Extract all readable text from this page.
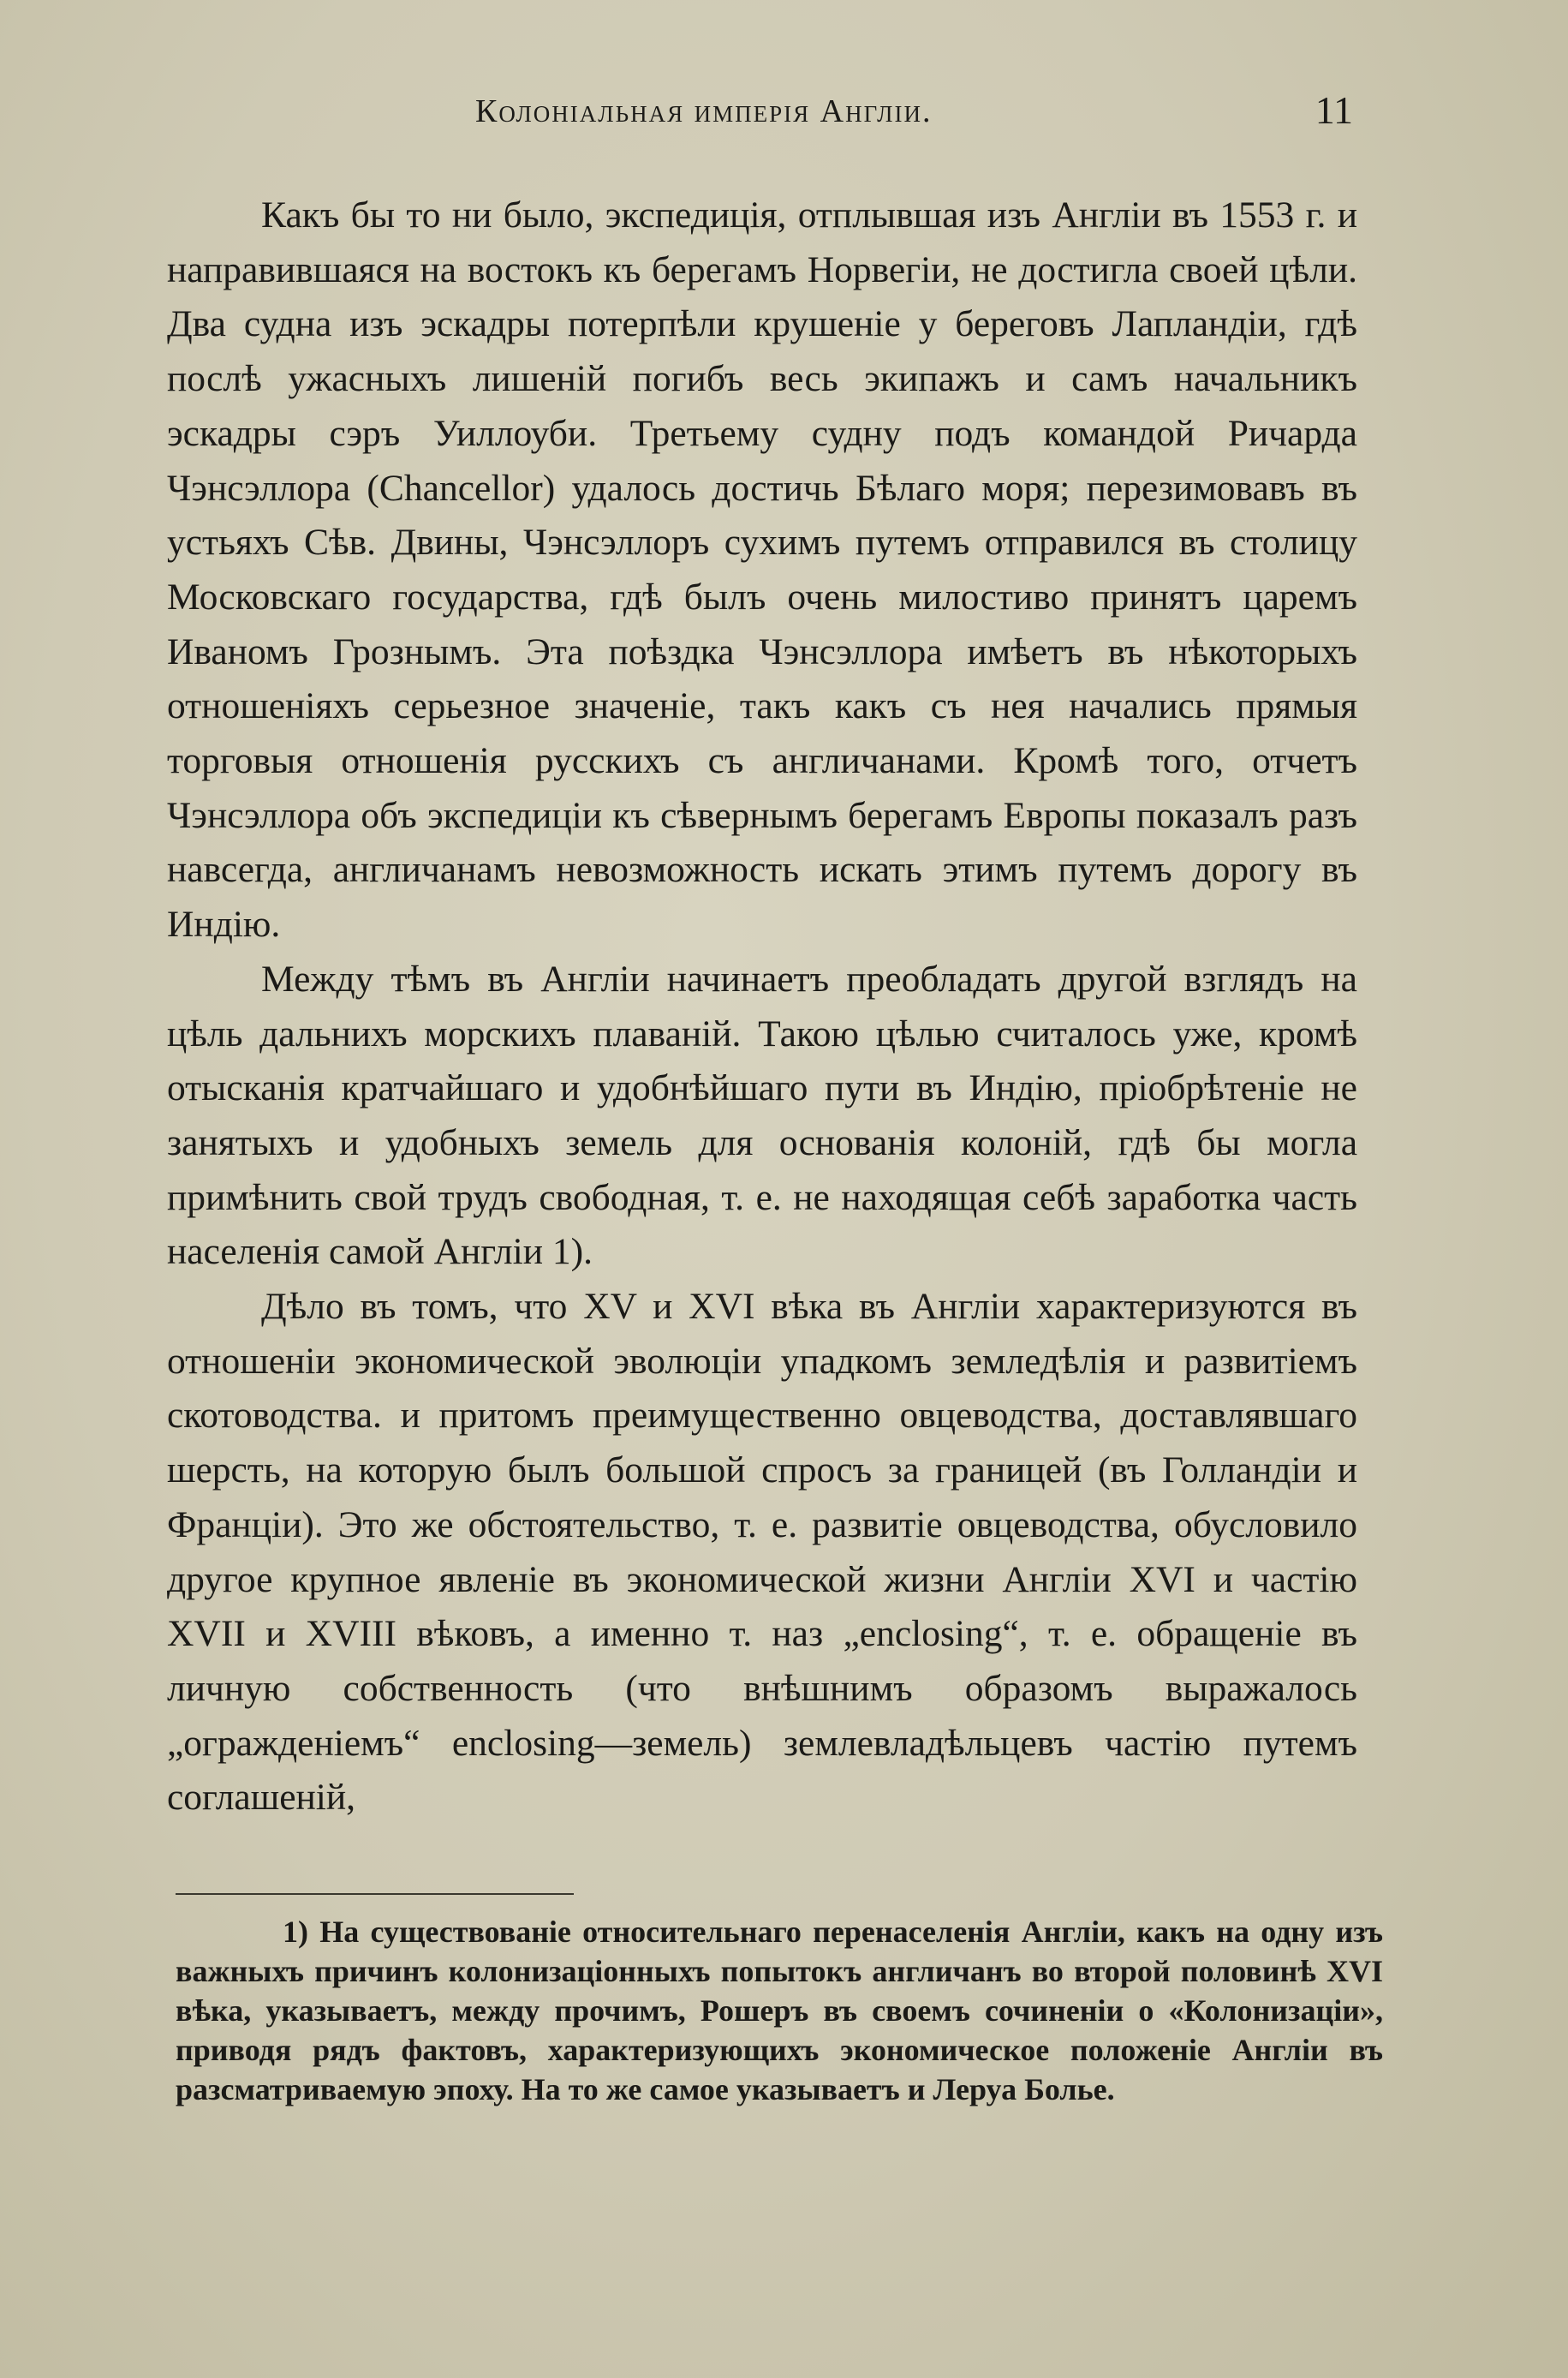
Колоніальная имперія Англіи.	11

Какъ бы то ни было, экспедиція, отплывшая изъ Англіи въ 1553 г. и направившаяся на востокъ къ берегамъ Норвегіи, не достигла своей цѣли. Два судна изъ эскадры потерпѣли крушеніе у береговъ Лапландіи, гдѣ послѣ ужасныхъ лишеній погибъ весь экипажъ и самъ начальникъ эскадры сэръ Уиллоуби. Третьему судну подъ командой Ричарда Чэнсэллора (Chancellor) удалось достичь Бѣлаго моря; перезимовавъ въ устьяхъ Сѣв. Двины, Чэнсэллоръ сухимъ путемъ отправился въ столицу Московскаго государства, гдѣ былъ очень милостиво принятъ царемъ Иваномъ Грознымъ. Эта поѣздка Чэнсэллора имѣетъ въ нѣкоторыхъ отношеніяхъ серьезное значеніе, такъ какъ съ нея начались прямыя торговыя отношенія русскихъ съ англичанами. Кромѣ того, отчетъ Чэнсэллора объ экспедиціи къ сѣвернымъ берегамъ Европы показалъ разъ навсегда, англичанамъ невозможность искать этимъ путемъ дорогу въ Индію.

Между тѣмъ въ Англіи начинаетъ преобладать другой взглядъ на цѣль дальнихъ морскихъ плаваній. Такою цѣлью считалось уже, кромѣ отысканія кратчайшаго и удобнѣйшаго пути въ Индію, пріобрѣтеніе не занятыхъ и удобныхъ земель для основанія колоній, гдѣ бы могла примѣнить свой трудъ свободная, т. е. не находящая себѣ заработка часть населенія самой Англіи 1).

Дѣло въ томъ, что XV и XVI вѣка въ Англіи характеризуются въ отношеніи экономической эволюціи упадкомъ земледѣлія и развитіемъ скотоводства. и притомъ преимущественно овцеводства, доставлявшаго шерсть, на которую былъ большой спросъ за границей (въ Голландіи и Франціи). Это же обстоятельство, т. е. развитіе овцеводства, обусловило другое крупное явленіе въ экономической жизни Англіи XVI и частію XVII и XVIII вѣковъ, а именно т. наз „enclosing“, т. е. обращеніе въ личную собственность (что внѣшнимъ образомъ выражалось „огражденіемъ“ enclosing—земель) землевладѣльцевъ частію путемъ соглашеній,

1) На существованіе относительнаго перенаселенія Англіи, какъ на одну изъ важныхъ причинъ колонизаціонныхъ попытокъ англичанъ во второй половинѣ XVI вѣка, указываетъ, между прочимъ, Рошеръ въ своемъ сочиненіи о «Колонизаціи», приводя рядъ фактовъ, характеризующихъ экономическое положеніе Англіи въ разсматриваемую эпоху. На то же самое указываетъ и Леруа Болье.
